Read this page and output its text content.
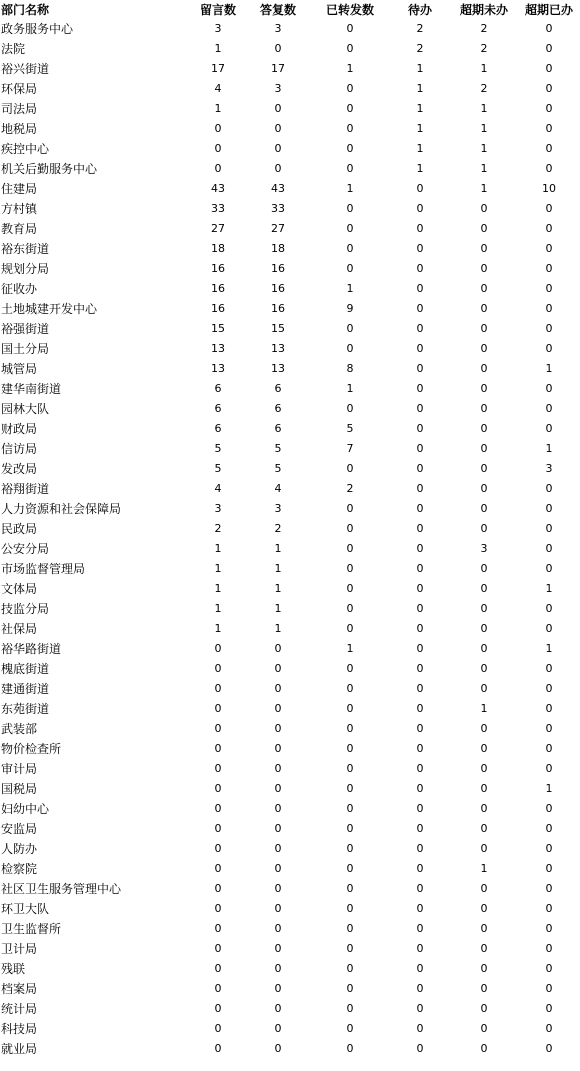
部门名称	留言数	答复数	已转发数	待办	超期未办	超期已办
政务服务中心	3	3	0	2	2	0
法院	1	0	0	2	2	0
裕兴街道	17	17	1	1	1	0
环保局	4	3	0	1	2	0
司法局	1	0	0	1	1	0
地税局	0	0	0	1	1	0
疾控中心	0	0	0	1	1	0
机关后勤服务中心	0	0	0	1	1	0
住建局	43	43	1	0	1	10
方村镇	33	33	0	0	0	0
教育局	27	27	0	0	0	0
裕东街道	18	18	0	0	0	0
规划分局	16	16	0	0	0	0
征收办	16	16	1	0	0	0
土地城建开发中心	16	16	9	0	0	0
裕强街道	15	15	0	0	0	0
国土分局	13	13	0	0	0	0
城管局	13	13	8	0	0	1
建华南街道	6	6	1	0	0	0
园林大队	6	6	0	0	0	0
财政局	6	6	5	0	0	0
信访局	5	5	7	0	0	1
发改局	5	5	0	0	0	3
裕翔街道	4	4	2	0	0	0
人力资源和社会保障局	3	3	0	0	0	0
民政局	2	2	0	0	0	0
公安分局	1	1	0	0	3	0
市场监督管理局	1	1	0	0	0	0
文体局	1	1	0	0	0	1
技监分局	1	1	0	0	0	0
社保局	1	1	0	0	0	0
裕华路街道	0	0	1	0	0	1
槐底街道	0	0	0	0	0	0
建通街道	0	0	0	0	0	0
东苑街道	0	0	0	0	1	0
武装部	0	0	0	0	0	0
物价检查所	0	0	0	0	0	0
审计局	0	0	0	0	0	0
国税局	0	0	0	0	0	1
妇幼中心	0	0	0	0	0	0
安监局	0	0	0	0	0	0
人防办	0	0	0	0	0	0
检察院	0	0	0	0	1	0
社区卫生服务管理中心	0	0	0	0	0	0
环卫大队	0	0	0	0	0	0
卫生监督所	0	0	0	0	0	0
卫计局	0	0	0	0	0	0
残联	0	0	0	0	0	0
档案局	0	0	0	0	0	0
统计局	0	0	0	0	0	0
科技局	0	0	0	0	0	0
就业局	0	0	0	0	0	0
